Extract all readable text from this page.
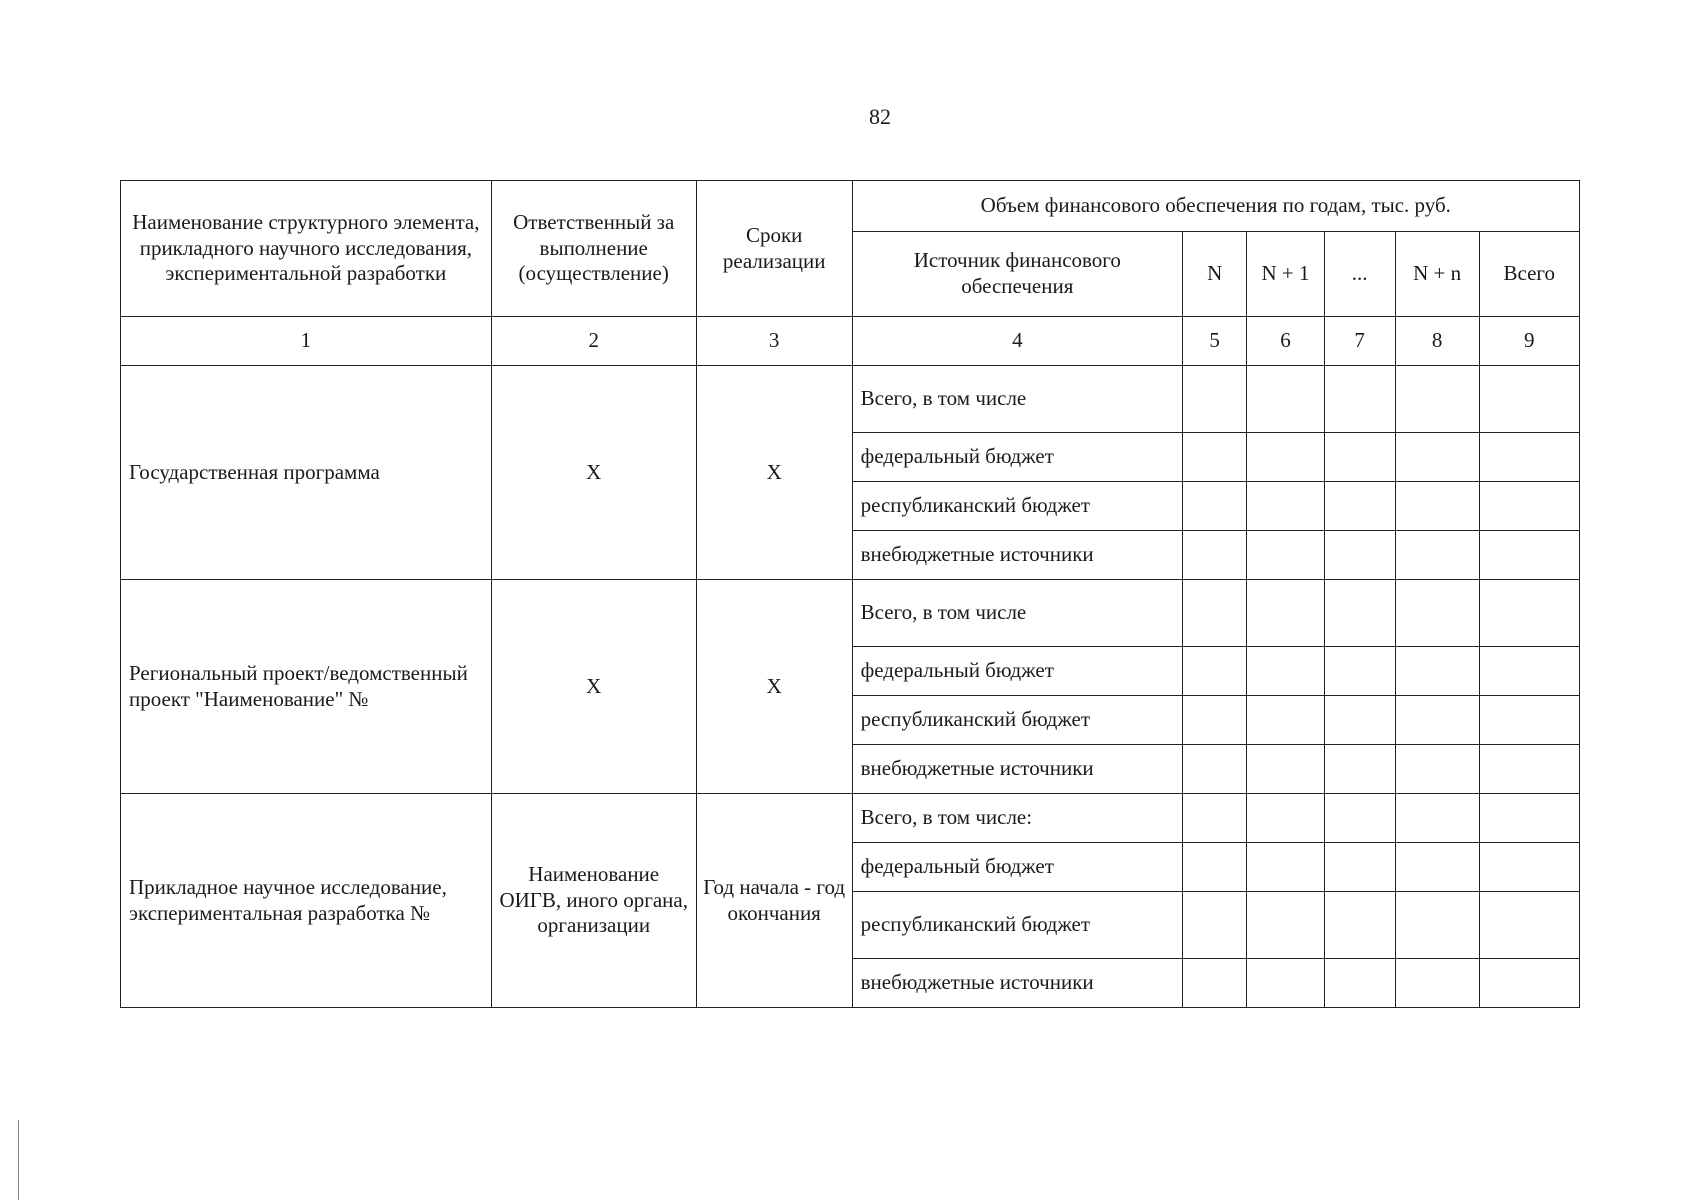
82
Наименование структурного элемента, прикладного научного исследования, экспериментальной разработки	Ответственный за выполнение (осуществление)	Сроки реализации	Объем финансового обеспечения по годам, тыс. руб.					
			Источник финансового обеспечения	N	N + 1	...	N + n	Всего
1	2	3	4	5	6	7	8	9
Государственная программа	X	X	Всего, в том числе					
			федеральный бюджет					
			республиканский бюджет					
			внебюджетные источники					
Региональный проект/ведомственный проект "Наименование" №	X	X	Всего, в том числе					
			федеральный бюджет					
			республиканский бюджет					
			внебюджетные источники					
Прикладное научное исследование, экспериментальная разработка №	Наименование ОИГВ, иного органа, организации	Год начала - год окончания	Всего, в том числе:					
			федеральный бюджет					
			республиканский бюджет					
			внебюджетные источники					
